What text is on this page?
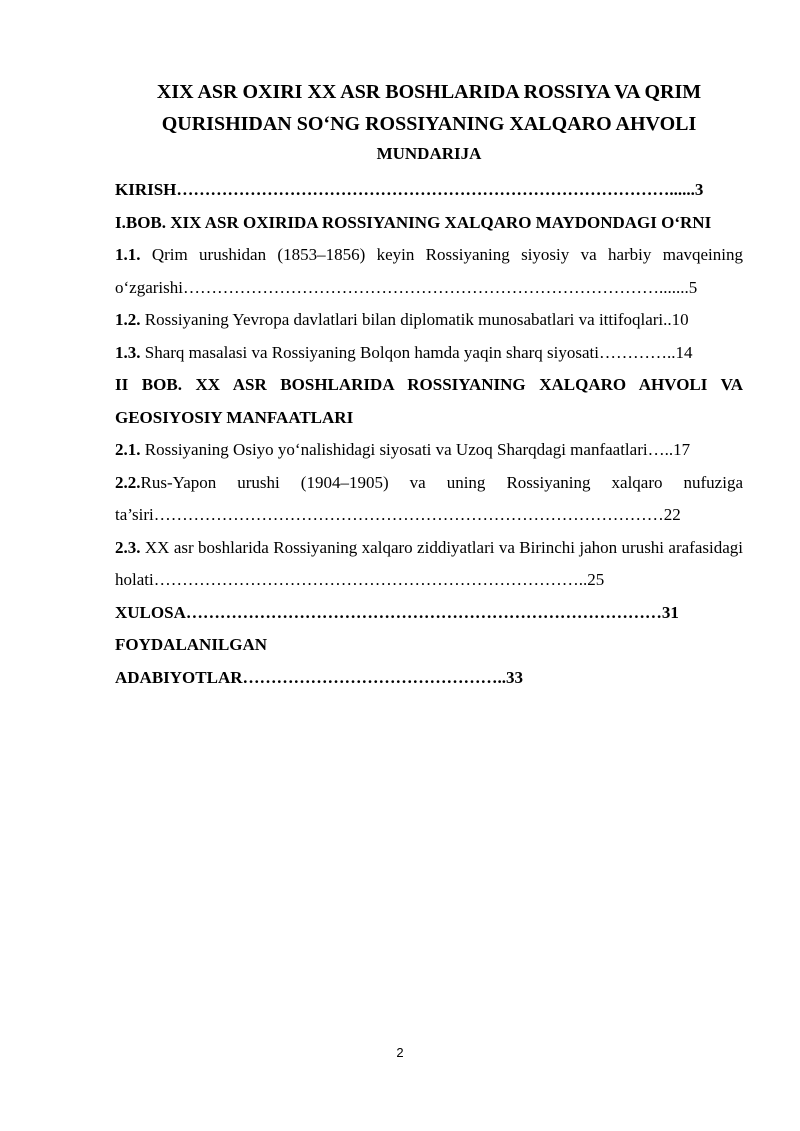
XIX ASR OXIRI XX ASR BOSHLARIDA ROSSIYA VA QRIM

QURISHIDAN SO‘NG ROSSIYANING XALQARO AHVOLI

MUNDARIJA

KIRISH……………………………………………………………………………......3
I.BOB. XIX ASR OXIRIDA ROSSIYANING XALQARO MAYDONDAGI O‘RNI
1.1. Qrim urushidan (1853–1856) keyin Rossiyaning siyosiy va harbiy mavqeining o‘zgarishi………………………………………………………………………….......5
1.2. Rossiyaning Yevropa davlatlari bilan diplomatik munosabatlari va ittifoqlari..10
1.3. Sharq masalasi va Rossiyaning Bolqon hamda yaqin sharq siyosati…………..14
II BOB. XX ASR BOSHLARIDA ROSSIYANING XALQARO AHVOLI VA GEOSIYOSIY MANFAATLARI
2.1. Rossiyaning Osiyo yo‘nalishidagi siyosati va Uzoq Sharqdagi manfaatlari…..17
2.2.Rus-Yapon urushi (1904–1905) va uning Rossiyaning xalqaro nufuziga ta’siri………………………………………………………………………………22
2.3. XX asr boshlarida Rossiyaning xalqaro ziddiyatlari va Birinchi jahon urushi arafasidagi holati…………………………………………………………………..25
XULOSA…………………………………………………………………………31
FOYDALANILGAN
ADABIYOTLAR………………………………………..33
2
